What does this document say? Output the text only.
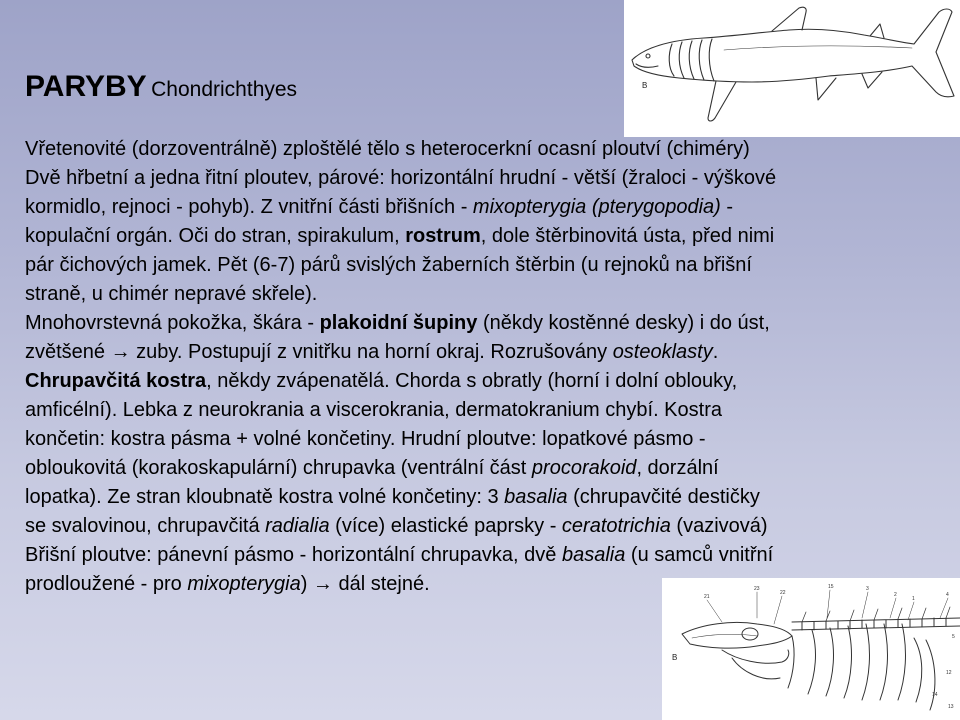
PARYBY Chondrichthyes

Vřetenovité (dorzoventrálně) zploštělé tělo s heterocerkní ocasní ploutví (chiméry)

Dvě hřbetní a jedna řitní ploutev, párové: horizontální hrudní - větší (žraloci - výškové

kormidlo, rejnoci - pohyb). Z vnitřní části břišních - mixopterygia (pterygopodia) -

kopulační orgán. Oči do stran, spirakulum, rostrum, dole štěrbinovitá ústa, před nimi

pár čichových jamek. Pět (6-7) párů svislých žaberních štěrbin (u rejnoků na břišní

straně, u chimér nepravé skřele).

Mnohovrstevná pokožka, škára - plakoidní šupiny (někdy kostěnné desky) i do úst,

zvětšené → zuby. Postupují z vnitřku na horní okraj. Rozrušovány osteoklasty.

Chrupavčitá kostra, někdy zvápenatělá. Chorda s obratly (horní i dolní oblouky,

amficélní). Lebka z neurokrania a viscerokrania, dermatokranium chybí. Kostra

končetin: kostra pásma + volné končetiny. Hrudní ploutve: lopatkové pásmo -

obloukovitá (korakoskapulární) chrupavka (ventrální část procorakoid, dorzální

lopatka). Ze stran kloubnatě kostra volné končetiny: 3 basalia (chrupavčité destičky

se svalovinou, chrupavčitá radialia (více) elastické paprsky - ceratotrichia (vazivová)

Břišní ploutve: pánevní pásmo - horizontální chrupavka, dvě basalia (u samců vnitřní

prodloužené - pro mixopterygia) → dál stejné.

B
B
21
23
22
15	3
2
1
4
5
12
14
13
